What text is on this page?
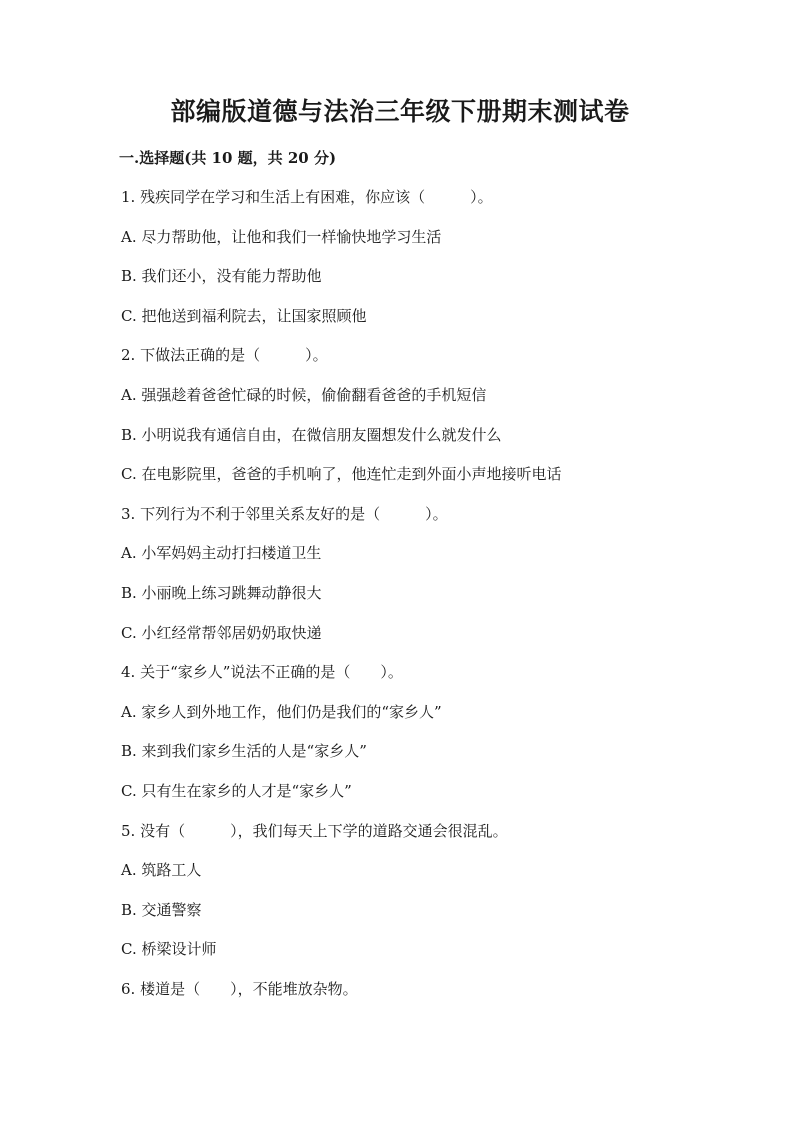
部编版道德与法治三年级下册期末测试卷
一.选择题(共 10 题，共 20 分)
1. 残疾同学在学习和生活上有困难，你应该（　　　）。
A. 尽力帮助他，让他和我们一样愉快地学习生活
B. 我们还小，没有能力帮助他
C. 把他送到福利院去，让国家照顾他
2. 下做法正确的是（　　　）。
A. 强强趁着爸爸忙碌的时候，偷偷翻看爸爸的手机短信
B. 小明说我有通信自由，在微信朋友圈想发什么就发什么
C. 在电影院里，爸爸的手机响了，他连忙走到外面小声地接听电话
3. 下列行为不利于邻里关系友好的是（　　　）。
A. 小军妈妈主动打扫楼道卫生
B. 小丽晚上练习跳舞动静很大
C. 小红经常帮邻居奶奶取快递
4. 关于“家乡人”说法不正确的是（　　）。
A. 家乡人到外地工作，他们仍是我们的“家乡人”
B. 来到我们家乡生活的人是“家乡人”
C. 只有生在家乡的人才是“家乡人”
5. 没有（　　　），我们每天上下学的道路交通会很混乱。
A. 筑路工人
B. 交通警察
C. 桥梁设计师
6. 楼道是（　　），不能堆放杂物。
